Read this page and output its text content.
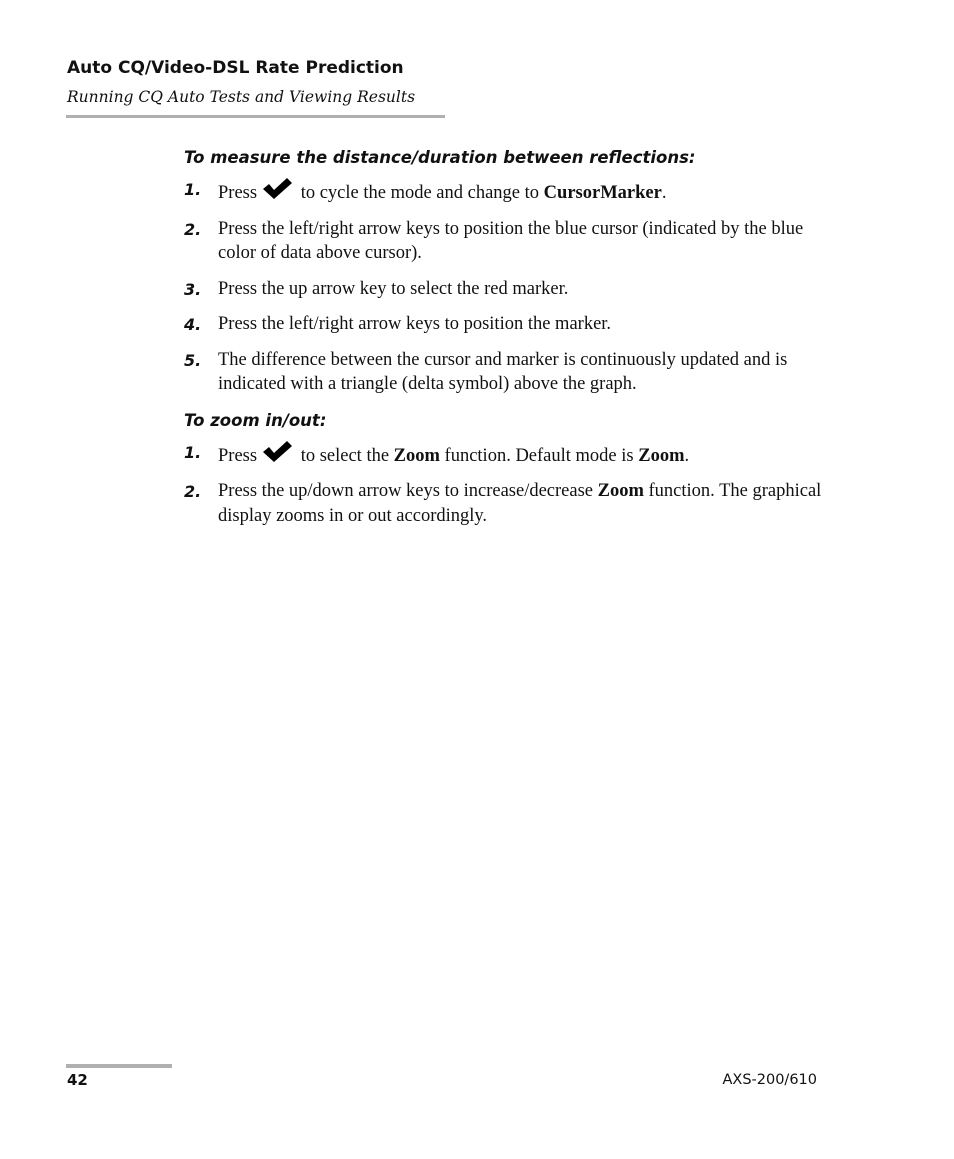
Auto CQ/Video-DSL Rate Prediction

Running CQ Auto Tests and Viewing Results

To measure the distance/duration between reflections:
1. Press to cycle the mode and change to CursorMarker.
2. Press the left/right arrow keys to position the blue cursor (indicated by the blue color of data above cursor).
3. Press the up arrow key to select the red marker.
4. Press the left/right arrow keys to position the marker.
5. The difference between the cursor and marker is continuously updated and is indicated with a triangle (delta symbol) above the graph.
To zoom in/out:
1. Press to select the Zoom function. Default mode is Zoom.
2. Press the up/down arrow keys to increase/decrease Zoom function. The graphical display zooms in or out accordingly.
42	AXS-200/610
